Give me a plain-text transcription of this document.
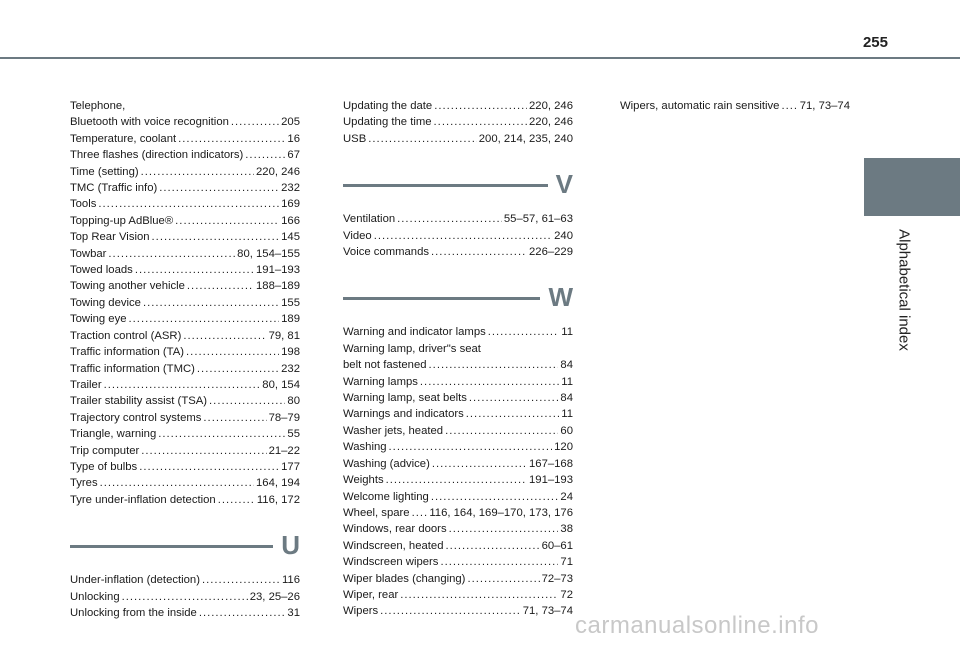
255
Alphabetical index
Telephone,
Bluetooth with voice recognition .....	205
Temperature, coolant .....	16
Three flashes (direction indicators) .....	67
Time (setting) .....	220, 246
TMC (Traffic info) .....	232
Tools .....	169
Topping-up AdBlue® .....	166
Top Rear Vision .....	145
Towbar .....	80, 154–155
Towed loads .....	191–193
Towing another vehicle .....	188–189
Towing device .....	155
Towing eye .....	189
Traction control (ASR) .....	79, 81
Traffic information (TA) .....	198
Traffic information (TMC) .....	232
Trailer .....	80, 154
Trailer stability assist (TSA) .....	80
Trajectory control systems .....	78–79
Triangle, warning .....	55
Trip computer .....	21–22
Type of bulbs .....	177
Tyres .....	164, 194
Tyre under-inflation detection .....	116, 172
U
Under-inflation (detection) .....	116
Unlocking .....	23, 25–26
Unlocking from the inside .....	31
Updating the date .....	220, 246
Updating the time .....	220, 246
USB .....	200, 214, 235, 240
V
Ventilation .....	55–57, 61–63
Video .....	240
Voice commands .....	226–229
W
Warning and indicator lamps .....	11
Warning lamp, driver"s seat
belt not fastened .....	84
Warning lamps .....	11
Warning lamp, seat belts .....	84
Warnings and indicators .....	11
Washer jets, heated .....	60
Washing .....	120
Washing (advice) .....	167–168
Weights .....	191–193
Welcome lighting .....	24
Wheel, spare ..... 116, 164, 169–170, 173, 176
Windows, rear doors .....	38
Windscreen, heated .....	60–61
Windscreen wipers .....	71
Wiper blades (changing) .....	72–73
Wiper, rear .....	72
Wipers .....	71, 73–74
Wipers, automatic rain sensitive ..... 71, 73–74
carmanualsonline.info
